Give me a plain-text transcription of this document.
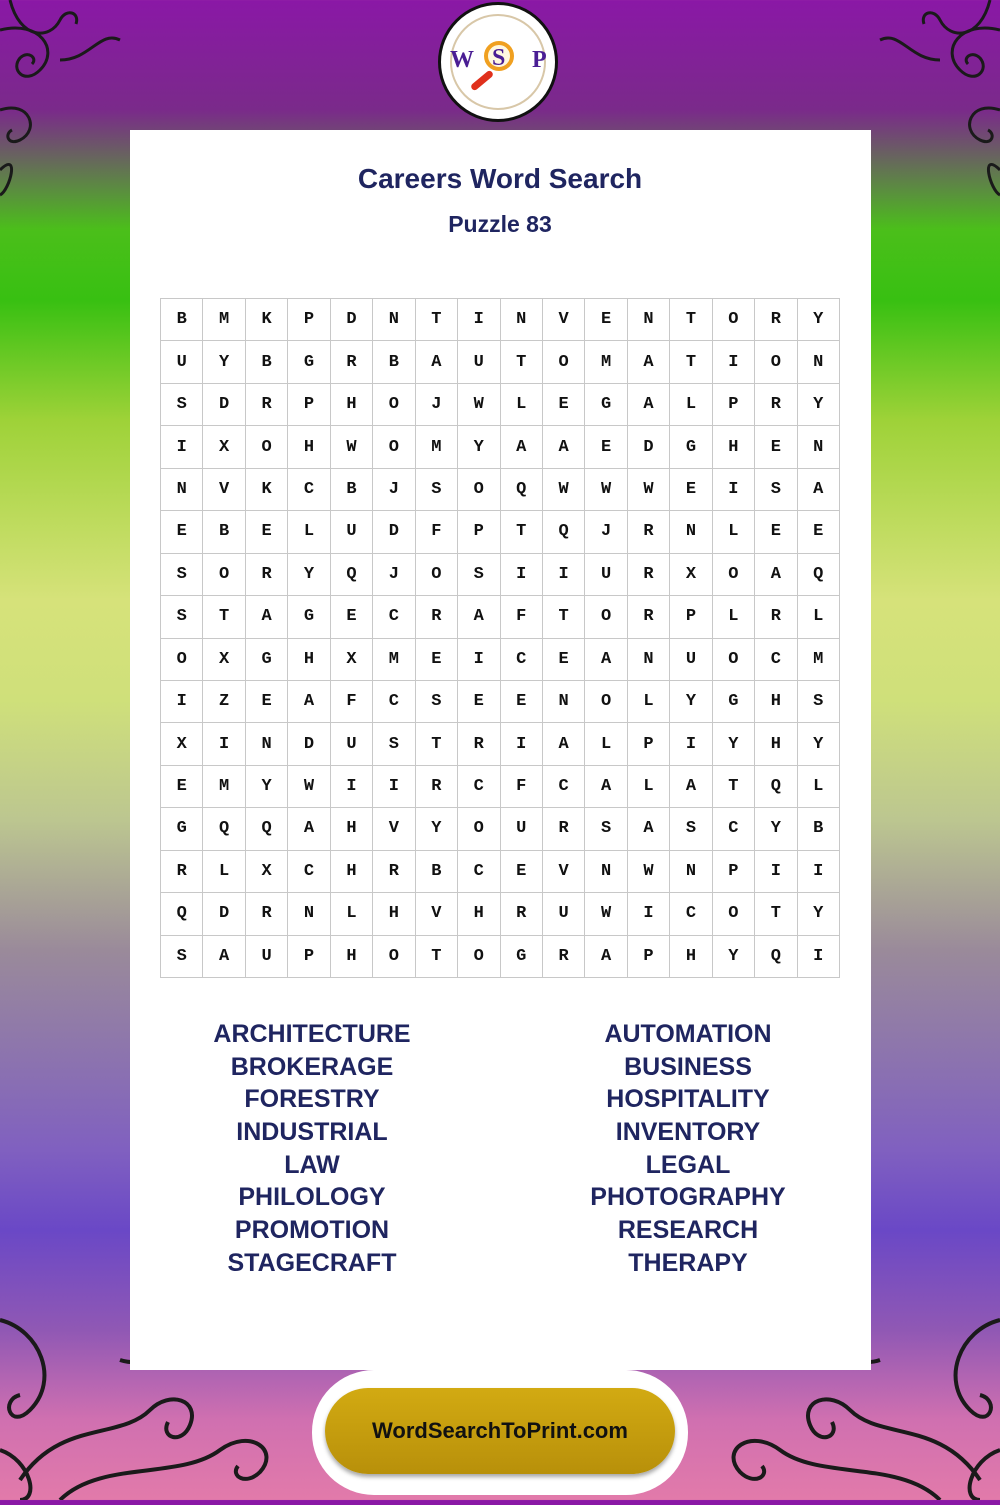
W S P
Careers Word Search
Puzzle 83
B	M	K	P	D	N	T	I	N	V	E	N	T	O	R	Y
U	Y	B	G	R	B	A	U	T	O	M	A	T	I	O	N
S	D	R	P	H	O	J	W	L	E	G	A	L	P	R	Y
I	X	O	H	W	O	M	Y	A	A	E	D	G	H	E	N
N	V	K	C	B	J	S	O	Q	W	W	W	E	I	S	A
E	B	E	L	U	D	F	P	T	Q	J	R	N	L	E	E
S	O	R	Y	Q	J	O	S	I	I	U	R	X	O	A	Q
S	T	A	G	E	C	R	A	F	T	O	R	P	L	R	L
O	X	G	H	X	M	E	I	C	E	A	N	U	O	C	M
I	Z	E	A	F	C	S	E	E	N	O	L	Y	G	H	S
X	I	N	D	U	S	T	R	I	A	L	P	I	Y	H	Y
E	M	Y	W	I	I	R	C	F	C	A	L	A	T	Q	L
G	Q	Q	A	H	V	Y	O	U	R	S	A	S	C	Y	B
R	L	X	C	H	R	B	C	E	V	N	W	N	P	I	I
Q	D	R	N	L	H	V	H	R	U	W	I	C	O	T	Y
S	A	U	P	H	O	T	O	G	R	A	P	H	Y	Q	I
ARCHITECTURE
BROKERAGE
FORESTRY
INDUSTRIAL
LAW
PHILOLOGY
PROMOTION
STAGECRAFT
AUTOMATION
BUSINESS
HOSPITALITY
INVENTORY
LEGAL
PHOTOGRAPHY
RESEARCH
THERAPY
WordSearchToPrint.com
